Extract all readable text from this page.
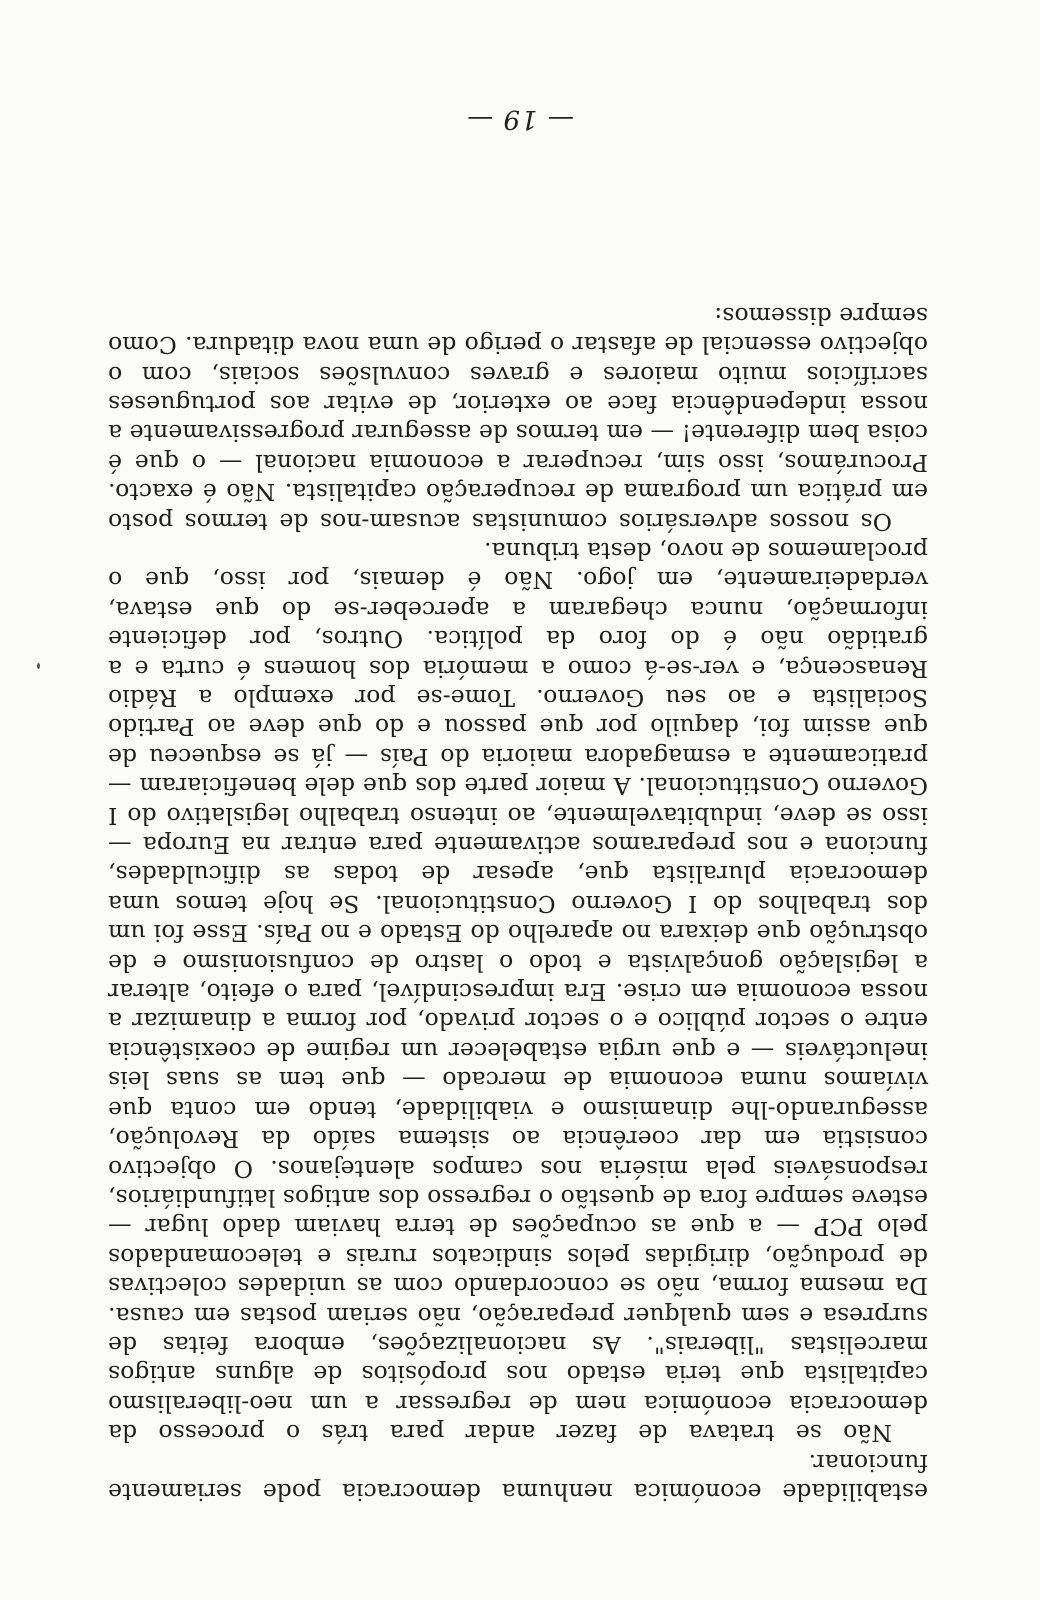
estabilidade económica nenhuma democracia pode seriamente funcionar.

Não se tratava de fazer andar para trás o processo da democracia económica nem de regressar a um neo-liberalismo capitalista que teria estado nos propósitos de alguns antigos marcelistas "liberais". As nacionalizações, embora feitas de surpresa e sem qualquer preparação, não seriam postas em causa. Da mesma forma, não se concordando com as unidades colectivas de produção, dirigidas pelos sindicatos rurais e telecomandados pelo PCP — a que as ocupações de terra haviam dado lugar — esteve sempre fora de questão o regresso dos antigos latifundiários, responsáveis pela miséria nos campos alentejanos. O objectivo consistia em dar coerência ao sistema saído da Revolução, assegurando-lhe dinamismo e viabilidade, tendo em conta que vivíamos numa economia de mercado — que tem as suas leis ineluctáveis — e que urgia estabelecer um regime de coexistência entre o sector público e o sector privado, por forma a dinamizar a nossa economia em crise. Era imprescindível, para o efeito, alterar a legislação gonçalvista e todo o lastro de confusionismo e de obstrução que deixara no aparelho do Estado e no País. Esse foi um dos trabalhos do I Governo Constitucional. Se hoje temos uma democracia pluralista que, apesar de todas as dificuldades, funciona e nos preparamos activamente para entrar na Europa — isso se deve, indubitavelmente, ao intenso trabalho legislativo do I Governo Constitucional. A maior parte dos que dele beneficiaram — praticamente a esmagadora maioria do País — já se esqueceu de que assim foi, daquilo por que passou e do que deve ao Partido Socialista e ao seu Governo. Tome-se por exemplo a Rádio Renascença, e ver-se-á como a memória dos homens é curta e a gratidão não é do foro da política. Outros, por deficiente informação, nunca chegaram a aperceber-se do que estava, verdadeiramente, em jogo. Não é demais, por isso, que o proclamemos de novo, desta tribuna.

Os nossos adversários comunistas acusam-nos de termos posto em prática um programa de recuperação capitalista. Não é exacto. Procurámos, isso sim, recuperar a economia nacional — o que é coisa bem diferente! — em termos de assegurar progressivamente a nossa independência face ao exterior, de evitar aos portugueses sacrifícios muito maiores e graves convulsões sociais, com o objectivo essencial de afastar o perigo de uma nova ditadura. Como sempre dissemos:

— 19 —
